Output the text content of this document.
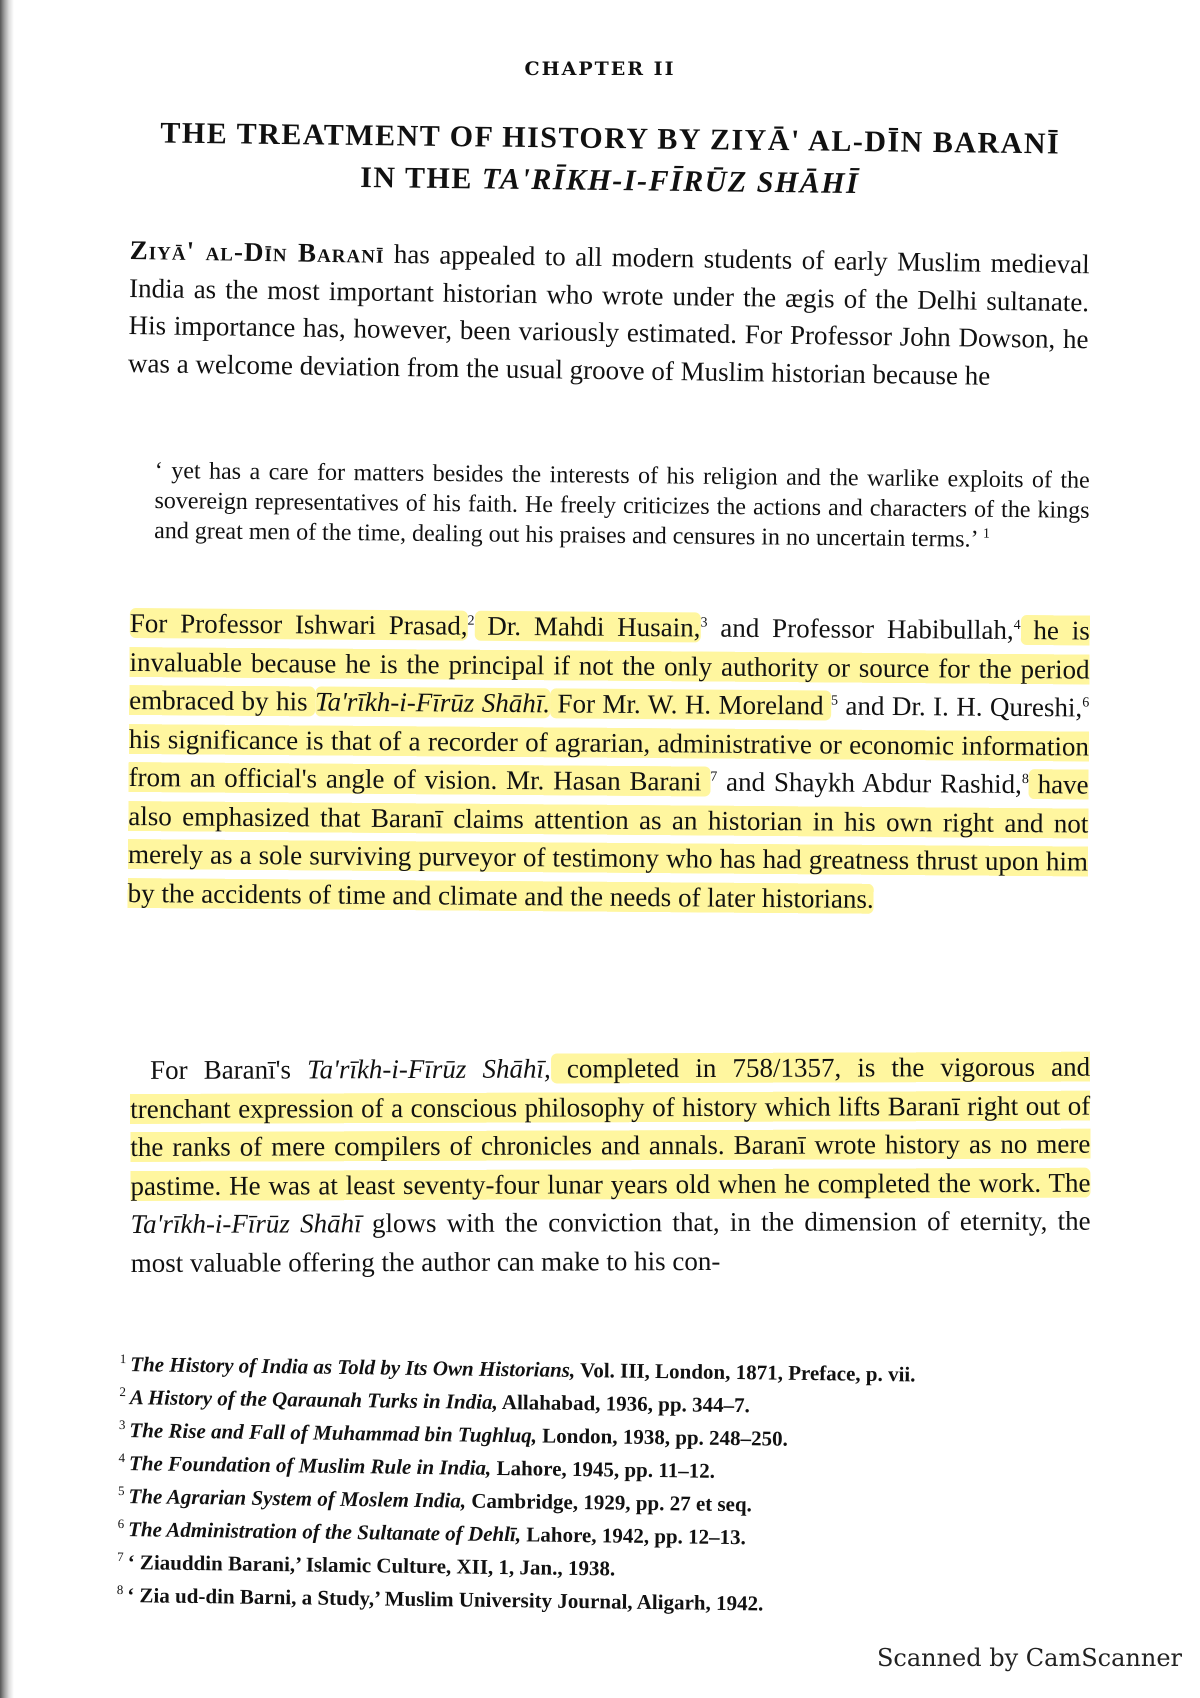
CHAPTER II
THE TREATMENT OF HISTORY BY ZIYĀ' AL-DĪN BARANĪ
IN THE TA'RĪKH-I-FĪRŪZ SHĀHĪ

Ziyā' al-Dīn Baranī has appealed to all modern students of early Muslim medieval India as the most important historian who wrote under the ægis of the Delhi sultanate. His importance has, however, been variously estimated. For Professor John Dowson, he was a welcome deviation from the usual groove of Muslim historian because he

‘ yet has a care for matters besides the interests of his religion and the warlike exploits of the sovereign representatives of his faith. He freely criticizes the actions and characters of the kings and great men of the time, dealing out his praises and censures in no uncertain terms.’ $^1$

For Professor Ishwari Prasad,$^2$ Dr. Mahdi Husain,$^3$ and Professor Habibullah,$^4$ he is invaluable because he is the principal if not the only authority or source for the period embraced by his Ta'rīkh-i-Fīrūz Shāhī. For Mr. W. H. Moreland $^5$ and Dr. I. H. Qureshi,$^6$ his significance is that of a recorder of agrarian, administrative or economic information from an official's angle of vision. Mr. Hasan Barani $^7$ and Shaykh Abdur Rashid,$^8$ have also emphasized that Baranī claims attention as an historian in his own right and not merely as a sole surviving purveyor of testimony who has had greatness thrust upon him by the accidents of time and climate and the needs of later historians.

For Baranī's Ta'rīkh-i-Fīrūz Shāhī, completed in 758/1357, is the vigorous and trenchant expression of a conscious philosophy of history which lifts Baranī right out of the ranks of mere compilers of chronicles and annals. Baranī wrote history as no mere pastime. He was at least seventy-four lunar years old when he completed the work. The Ta'rīkh-i-Fīrūz Shāhī glows with the conviction that, in the dimension of eternity, the most valuable offering the author can make to his con-

$^1$ The History of India as Told by Its Own Historians, Vol. III, London, 1871, Preface, p. vii.

$^2$ A History of the Qaraunah Turks in India, Allahabad, 1936, pp. 344–7.

$^3$ The Rise and Fall of Muhammad bin Tughluq, London, 1938, pp. 248–250.

$^4$ The Foundation of Muslim Rule in India, Lahore, 1945, pp. 11–12.

$^5$ The Agrarian System of Moslem India, Cambridge, 1929, pp. 27 et seq.

$^6$ The Administration of the Sultanate of Dehlī, Lahore, 1942, pp. 12–13.

$^7$ ‘ Ziauddin Barani,’ Islamic Culture, XII, 1, Jan., 1938.

$^8$ ‘ Zia ud-din Barni, a Study,’ Muslim University Journal, Aligarh, 1942.

Scanned by CamScanner
